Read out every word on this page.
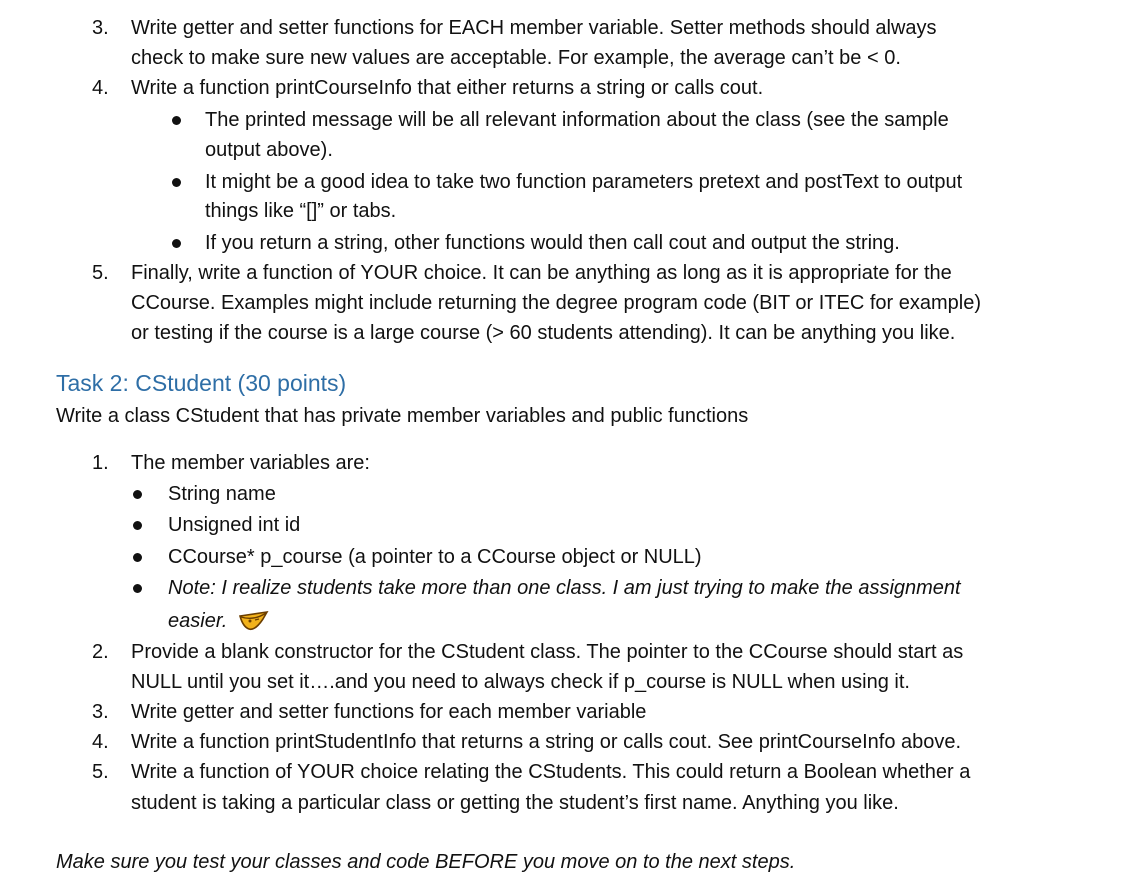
3. Write getter and setter functions for EACH member variable. Setter methods should always
check to make sure new values are acceptable. For example, the average can’t be < 0.
4. Write a function printCourseInfo that either returns a string or calls cout.
The printed message will be all relevant information about the class (see the sample
output above).
It might be a good idea to take two function parameters pretext and postText to output
things like “[]” or tabs.
If you return a string, other functions would then call cout and output the string.
5. Finally, write a function of YOUR choice. It can be anything as long as it is appropriate for the
CCourse. Examples might include returning the degree program code (BIT or ITEC for example)
or testing if the course is a large course (> 60 students attending). It can be anything you like.
Task 2: CStudent (30 points)
Write a class CStudent that has private member variables and public functions
1. The member variables are:
String name
Unsigned int id
CCourse* p_course (a pointer to a CCourse object or NULL)
Note: I realize students take more than one class. I am just trying to make the assignment
easier.
2. Provide a blank constructor for the CStudent class. The pointer to the CCourse should start as
NULL until you set it….and you need to always check if p_course is NULL when using it.
3. Write getter and setter functions for each member variable
4. Write a function printStudentInfo that returns a string or calls cout. See printCourseInfo above.
5. Write a function of YOUR choice relating the CStudents. This could return a Boolean whether a
student is taking a particular class or getting the student’s first name. Anything you like.
Make sure you test your classes and code BEFORE you move on to the next steps.
